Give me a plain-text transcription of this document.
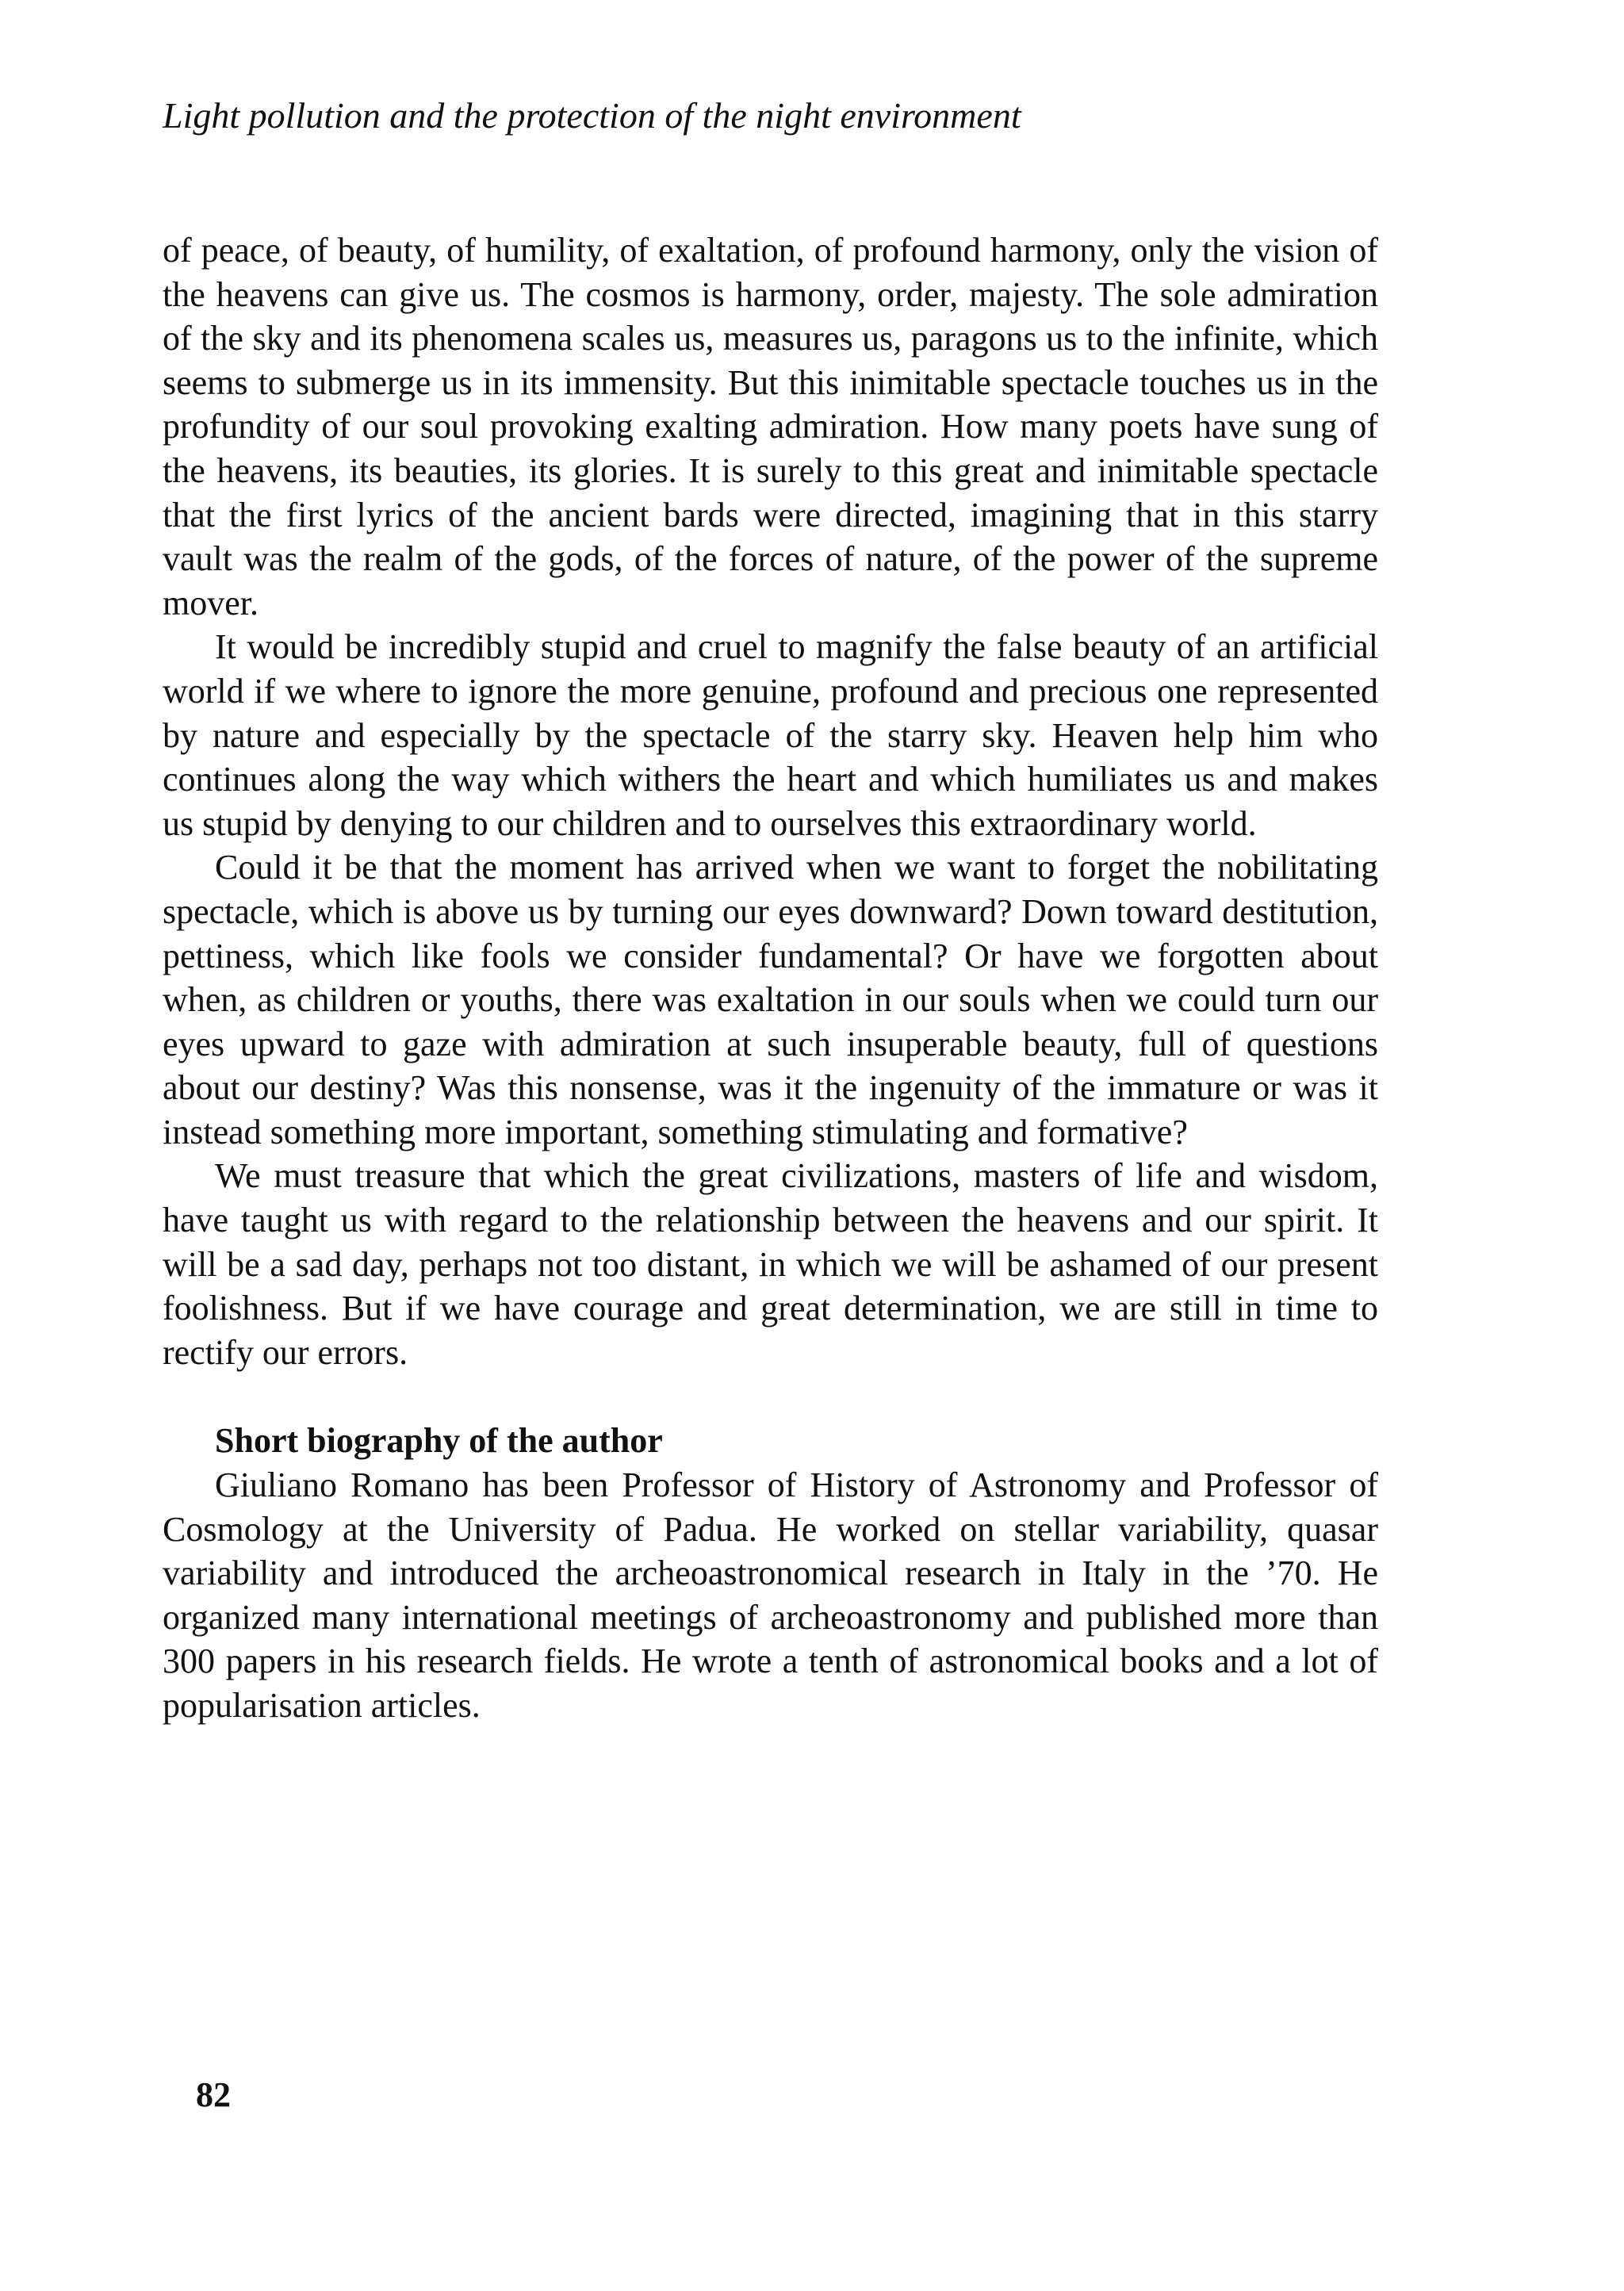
Light pollution and the protection of the night environment

of peace, of beauty, of humility, of exaltation, of profound harmony, only the vision of the heavens can give us. The cosmos is harmony, order, majesty. The sole admiration of the sky and its phenomena scales us, measures us, paragons us to the infinite, which seems to submerge us in its immensity. But this inimitable spectacle touches us in the profundity of our soul provoking exalting admiration. How many poets have sung of the heavens, its beauties, its glories. It is surely to this great and inimitable spectacle that the first lyrics of the ancient bards were directed, imagining that in this starry vault was the realm of the gods, of the forces of nature, of the power of the supreme mover.

It would be incredibly stupid and cruel to magnify the false beauty of an artificial world if we where to ignore the more genuine, profound and precious one represented by nature and especially by the spectacle of the starry sky. Heaven help him who continues along the way which withers the heart and which humiliates us and makes us stupid by denying to our children and to ourselves this extraordinary world.

Could it be that the moment has arrived when we want to forget the nobilitating spectacle, which is above us by turning our eyes downward? Down toward destitution, pettiness, which like fools we consider fundamental? Or have we forgotten about when, as children or youths, there was exaltation in our souls when we could turn our eyes upward to gaze with admiration at such insuperable beauty, full of questions about our destiny? Was this nonsense, was it the ingenuity of the immature or was it instead something more important, something stimulating and formative?

We must treasure that which the great civilizations, masters of life and wisdom, have taught us with regard to the relationship between the heavens and our spirit. It will be a sad day, perhaps not too distant, in which we will be ashamed of our present foolishness. But if we have courage and great determination, we are still in time to rectify our errors.

Short biography of the author

Giuliano Romano has been Professor of History of Astronomy and Professor of Cosmology at the University of Padua. He worked on stellar variability, quasar variability and introduced the archeoastronomical research in Italy in the ’70. He organized many international meetings of archeoastronomy and published more than 300 papers in his research fields. He wrote a tenth of astronomical books and a lot of popularisation articles.

82
